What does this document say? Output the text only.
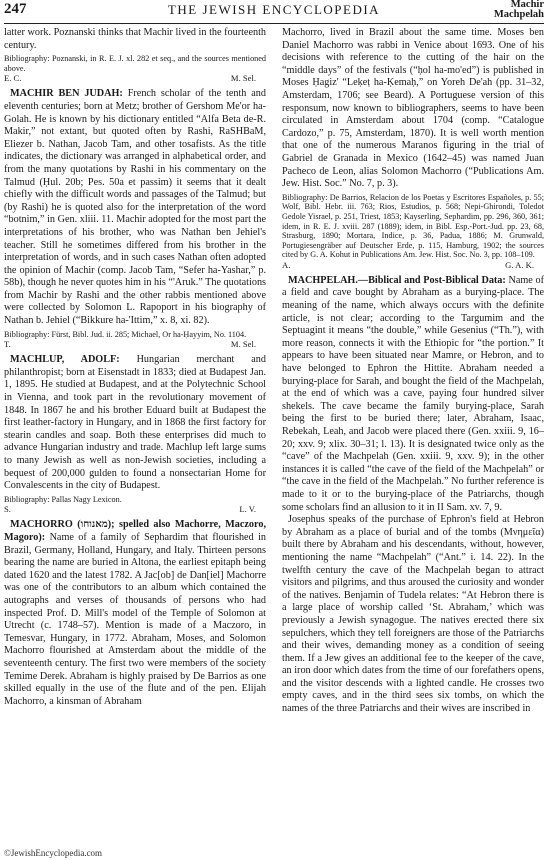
247	THE JEWISH ENCYCLOPEDIA	Machir
Machpelah

latter work. Poznanski thinks that Machir lived in the fourteenth century.

Bibliography: Poznanski, in R. E. J. xl. 282 et seq., and the sources mentioned above.

E. C.	M. Sel.

MACHIR BEN JUDAH: French scholar of the tenth and eleventh centuries; born at Metz; brother of Gershom Me'or ha-Golah. He is known by his dictionary entitled “Alfa Beta de-R. Makir,” not extant, but quoted often by Rashi, RaSHBaM, Eliezer b. Nathan, Jacob Tam, and other tosafists. As the title indicates, the dictionary was arranged in alphabetical order, and from the many quotations by Rashi in his commentary on the Talmud (Ḥul. 20b; Pes. 50a et passim) it seems that it dealt chiefly with the difficult words and passages of the Talmud; but (by Rashi) he is quoted also for the interpretation of the word “botnim,” in Gen. xliii. 11. Machir adopted for the most part the interpretations of his brother, who was Nathan ben Jehiel's teacher. Still he sometimes differed from his brother in the interpretation of words, and in such cases Nathan often adopted the opinion of Machir (comp. Jacob Tam, “Sefer ha-Yashar,” p. 58b), though he never quotes him in his “'Aruk.” The quotations from Machir by Rashi and the other rabbis mentioned above were collected by Solomon L. Rapoport in his biography of Nathan b. Jehiel (“Bikkure ha-'Ittim,” x. 8, xi. 82).

Bibliography: Fürst, Bibl. Jud. ii. 285; Michael, Or ha-Ḥayyim, No. 1104.

T.	M. Sel.

MACHLUP, ADOLF: Hungarian merchant and philanthropist; born at Eisenstadt in 1833; died at Budapest Jan. 1, 1895. He studied at Budapest, and at the Polytechnic School in Vienna, and took part in the revolutionary movement of 1848. In 1867 he and his brother Eduard built at Budapest the first leather-factory in Hungary, and in 1868 the first factory for stearin candles and soap. Both these enterprises did much to advance Hungarian industry and trade. Machlup left large sums to many Jewish as well as non-Jewish societies, including a bequest of 200,000 gulden to found a nonsectarian Home for Convalescents in the city of Budapest.

Bibliography: Pallas Nagy Lexicon.

S.	L. V.

MACHORRO (מאנוחו); spelled also Machorre, Maczoro, Magoro): Name of a family of Sephardim that flourished in Brazil, Germany, Holland, Hungary, and Italy. Thirteen persons bearing the name are buried in Altona, the earliest epitaph being dated 1620 and the latest 1782. A Jac[ob] de Dan[iel] Machorre was one of the contributors to an album which contained the autographs and verses of thousands of persons who had inspected Prof. D. Mill's model of the Temple of Solomon at Utrecht (c. 1748–57). Mention is made of a Maczoro, in Temesvar, Hungary, in 1772. Abraham, Moses, and Solomon Machorro flourished at Amsterdam about the middle of the seventeenth century. The first two were members of the society Temime Derek. Abraham is highly praised by De Barrios as one skilled equally in the use of the flute and of the pen. Elijah Machorro, a kinsman of Abraham

Machorro, lived in Brazil about the same time. Moses ben Daniel Machorro was rabbi in Venice about 1693. One of his decisions with reference to the cutting of the hair on the “middle days” of the festivals (“ḥol ha-mo'ed”) is published in Moses Ḥagiz' “Leḳeṭ ha-Ḳemaḥ,” on Yoreh De'ah (pp. 31–32, Amsterdam, 1706; see Beard). A Portuguese version of this responsum, now known to bibliographers, seems to have been circulated in Amsterdam about 1704 (comp. “Catalogue Cardozo,” p. 75, Amsterdam, 1870). It is well worth mention that one of the numerous Maranos figuring in the trial of Gabriel de Granada in Mexico (1642–45) was named Juan Pacheco de Leon, alias Solomon Machorro (“Publications Am. Jew. Hist. Soc.” No. 7, p. 3).

Bibliography: De Barrios, Relacion de los Poetas y Escritores Españoles, p. 55; Wolf, Bibl. Hebr. iii. 763; Rios, Estudios, p. 568; Nepi-Ghirondi, Toledot Gedole Yisrael, p. 251, Triest, 1853; Kayserling, Sephardim, pp. 296, 360, 361; idem, in R. E. J. xviii. 287 (1889); idem, in Bibl. Esp.-Port.-Jud. pp. 23, 68, Strasburg, 1890; Mortara, Indice, p. 36, Padua, 1886; M. Grunwald, Portugiesengräber auf Deutscher Erde, p. 115, Hamburg, 1902; the sources cited by G. A. Kohut in Publications Am. Jew. Hist. Soc. No. 3, pp. 108–109.

A.	G. A. K.

MACHPELAH.—Biblical and Post-Biblical Data: Name of a field and cave bought by Abraham as a burying-place. The meaning of the name, which always occurs with the definite article, is not clear; according to the Targumim and the Septuagint it means “the double,” while Gesenius (“Th.”), with more reason, connects it with the Ethiopic for “the portion.” It appears to have been situated near Mamre, or Hebron, and to have belonged to Ephron the Hittite. Abraham needed a burying-place for Sarah, and bought the field of the Machpelah, at the end of which was a cave, paying four hundred silver shekels. The cave became the family burying-place, Sarah being the first to be buried there; later, Abraham, Isaac, Rebekah, Leah, and Jacob were placed there (Gen. xxiii. 9, 16–20; xxv. 9; xlix. 30–31; l. 13). It is designated twice only as the “cave” of the Machpelah (Gen. xxiii. 9, xxv. 9); in the other instances it is called “the cave of the field of the Machpelah” or “the cave in the field of the Machpelah.” No further reference is made to it or to the burying-place of the Patriarchs, though some scholars find an allusion to it in II Sam. xv. 7, 9.

Josephus speaks of the purchase of Ephron's field at Hebron by Abraham as a place of burial and of the tombs (Μνημεῖα) built there by Abraham and his descendants, without, however, mentioning the name “Machpelah” (“Ant.” i. 14. 22). In the twelfth century the cave of the Machpelah began to attract visitors and pilgrims, and thus aroused the curiosity and wonder of the natives. Benjamin of Tudela relates: “At Hebron there is a large place of worship called ‘St. Abraham,’ which was previously a Jewish synagogue. The natives erected there six sepulchers, which they tell foreigners are those of the Patriarchs and their wives, demanding money as a condition of seeing them. If a Jew gives an additional fee to the keeper of the cave, an iron door which dates from the time of our forefathers opens, and the visitor descends with a lighted candle. He crosses two empty caves, and in the third sees six tombs, on which the names of the three Patriarchs and their wives are inscribed in

©JewishEncyclopedia.com
